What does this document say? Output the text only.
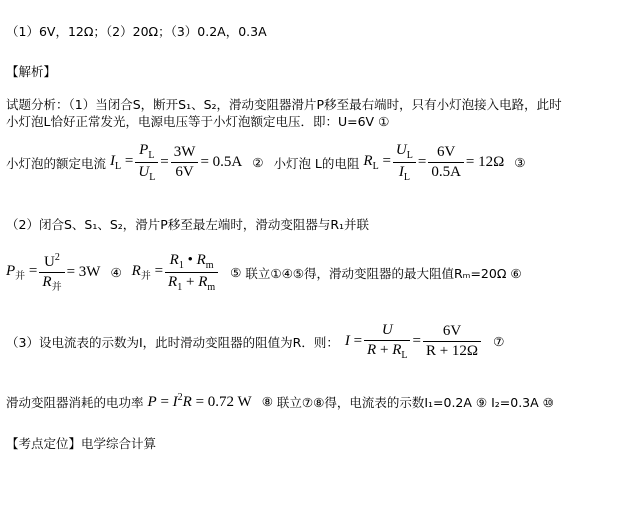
（1）6V，12Ω；（2）20Ω；（3）0.2A，0.3A
【解析】
试题分析：（1）当闭合S，断开S₁、S₂，滑动变阻器滑片P移至最右端时，只有小灯泡接入电路，此时
小灯泡L恰好正常发光，电源电压等于小灯泡额定电压．即：U=6V ①
小灯泡的额定电流 $I_L = \frac{P_L}{U_L} = \frac{3W}{6V} = 0.5A$ ② 小灯泡 L的电阻 $R_L = \frac{U_L}{I_L} = \frac{6V}{0.5A} = 12\Omega$ ③
（2）闭合S、S₁、S₂，滑片P移至最左端时，滑动变阻器与R₁并联
$P_并 = \frac{U^2}{R_并} = 3W$ ④ $R_并 = \frac{R_1 • R_m}{R_1 + R_m}$ ⑤ 联立①④⑤得，滑动变阻器的最大阻值Rₘ=20Ω ⑥
（3）设电流表的示数为I，此时滑动变阻器的阻值为R．则： $I = \frac{U}{R + R_L} = \frac{6V}{R + 12\Omega}$ ⑦
滑动变阻器消耗的电功率 $P = I^2R = 0.72$ W ⑧ 联立⑦⑧得，电流表的示数I₁=0.2A ⑨ I₂=0.3A ⑩
【考点定位】电学综合计算
